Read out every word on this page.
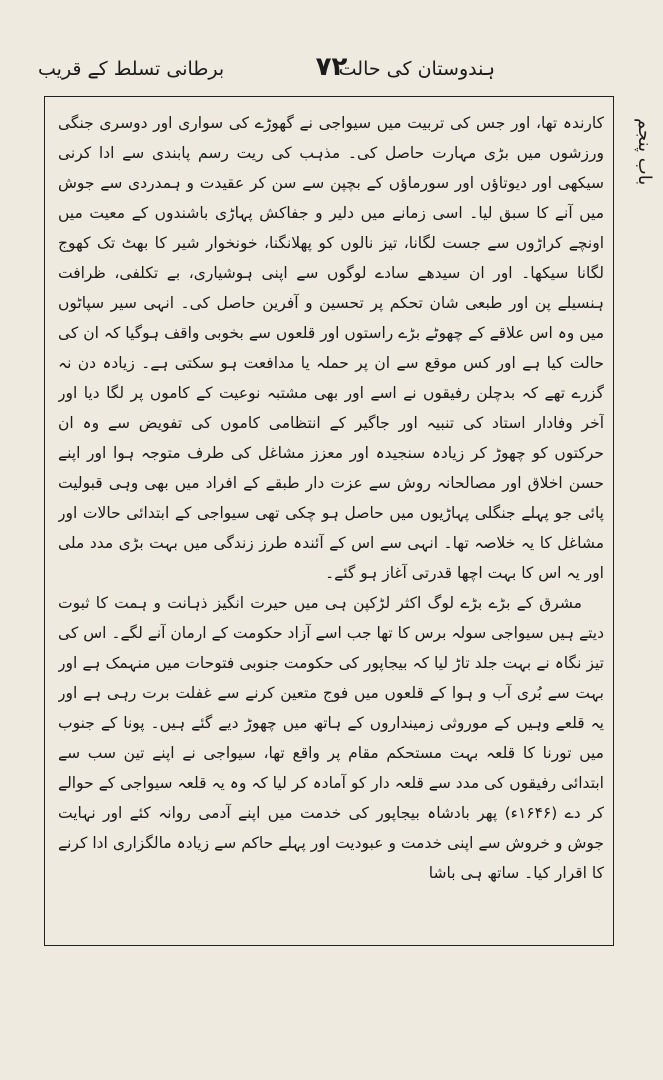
ہندوستان کی حالت
۷۲
برطانی تسلط کے قریب
باب پنجم

کارندہ تھا، اور جس کی تربیت میں سیواجی نے گھوڑے کی سواری اور دوسری جنگی ورزشوں میں بڑی مہارت حاصل کی۔ مذہب کی ریت رسم پابندی سے ادا کرنی سیکھی اور دیوتاؤں اور سورماؤں کے بچپن سے سن کر عقیدت و ہمدردی سے جوش میں آنے کا سبق لیا۔ اسی زمانے میں دلیر و جفاکش پہاڑی باشندوں کے معیت میں اونچے کراڑوں سے جست لگانا، تیز نالوں کو پھلانگنا، خونخوار شیر کا بھٹ تک کھوج لگانا سیکھا۔ اور ان سیدھے سادے لوگوں سے اپنی ہوشیاری، بے تکلفی، ظرافت ہنسیلے پن اور طبعی شان تحکم پر تحسین و آفرین حاصل کی۔ انہی سیر سپاٹوں میں وہ اس علاقے کے چھوٹے بڑے راستوں اور قلعوں سے بخوبی واقف ہوگیا کہ ان کی حالت کیا ہے اور کس موقع سے ان پر حملہ یا مدافعت ہو سکتی ہے۔ زیادہ دن نہ گزرے تھے کہ بدچلن رفیقوں نے اسے اور بھی مشتبہ نوعیت کے کاموں پر لگا دیا اور آخر وفادار استاد کی تنبیہ اور جاگیر کے انتظامی کاموں کی تفویض سے وہ ان حرکتوں کو چھوڑ کر زیادہ سنجیدہ اور معزز مشاغل کی طرف متوجہ ہوا اور اپنے حسن اخلاق اور مصالحانہ روش سے عزت دار طبقے کے افراد میں بھی وہی قبولیت پائی جو پہلے جنگلی پہاڑیوں میں حاصل ہو چکی تھی سیواجی کے ابتدائی حالات اور مشاغل کا یہ خلاصہ تھا۔ انہی سے اس کے آئندہ طرز زندگی میں بہت بڑی مدد ملی اور یہ اس کا بہت اچھا قدرتی آغاز ہو گئے۔

مشرق کے بڑے بڑے لوگ اکثر لڑکپن ہی میں حیرت انگیز ذہانت و ہمت کا ثبوت دیتے ہیں سیواجی سولہ برس کا تھا جب اسے آزاد حکومت کے ارمان آنے لگے۔ اس کی تیز نگاہ نے بہت جلد تاڑ لیا کہ بیجاپور کی حکومت جنوبی فتوحات میں منہمک ہے اور بہت سے بُری آب و ہوا کے قلعوں میں فوج متعین کرنے سے غفلت برت رہی ہے اور یہ قلعے وہیں کے موروثی زمینداروں کے ہاتھ میں چھوڑ دیے گئے ہیں۔ پونا کے جنوب میں تورنا کا قلعہ بہت مستحکم مقام پر واقع تھا، سیواجی نے اپنے تین سب سے ابتدائی رفیقوں کی مدد سے قلعہ دار کو آمادہ کر لیا کہ وہ یہ قلعہ سیواجی کے حوالے کر دے (۱۶۴۶ء) پھر بادشاہ بیجاپور کی خدمت میں اپنے آدمی روانہ کئے اور نہایت جوش و خروش سے اپنی خدمت و عبودیت اور پہلے حاکم سے زیادہ مالگزاری ادا کرنے کا اقرار کیا۔ ساتھ ہی باشا
